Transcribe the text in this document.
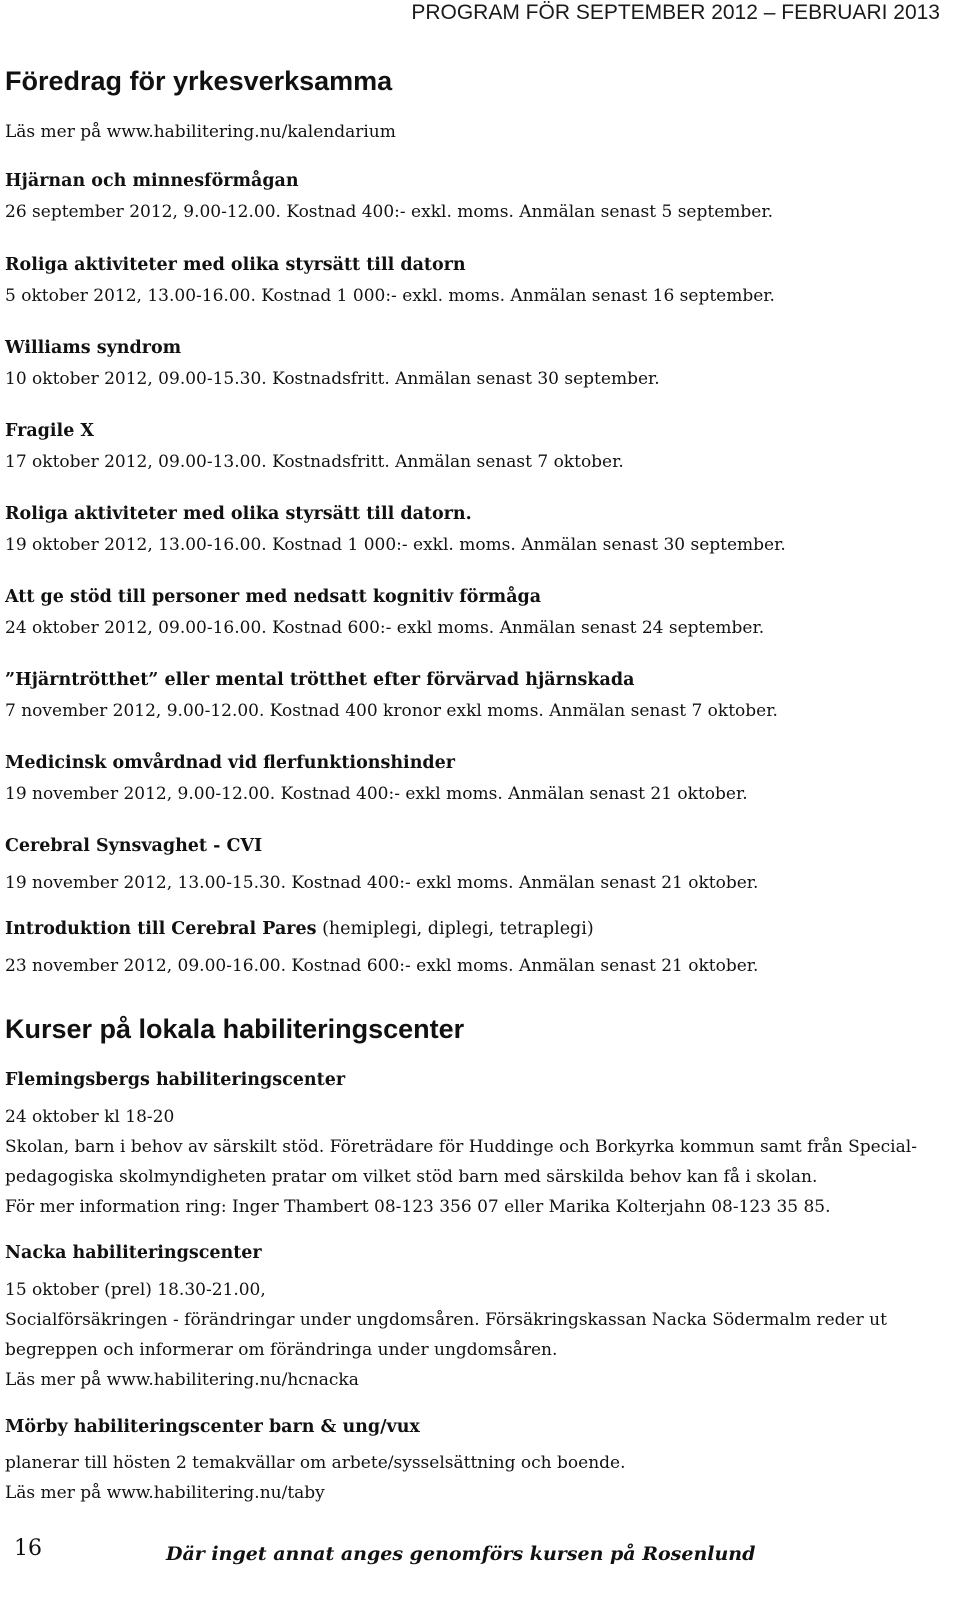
PROGRAM FÖR SEPTEMBER 2012 – FEBRUARI 2013
Föredrag för yrkesverksamma
Läs mer på www.habilitering.nu/kalendarium
Hjärnan och minnesförmågan
26 september 2012, 9.00-12.00. Kostnad 400:- exkl. moms. Anmälan senast 5 september.
Roliga aktiviteter med olika styrsätt till datorn
5 oktober 2012, 13.00-16.00. Kostnad 1 000:- exkl. moms. Anmälan senast 16 september.
Williams syndrom
10 oktober 2012, 09.00-15.30. Kostnadsfritt. Anmälan senast 30 september.
Fragile X
17 oktober 2012, 09.00-13.00. Kostnadsfritt. Anmälan senast 7 oktober.
Roliga aktiviteter med olika styrsätt till datorn.
19 oktober 2012, 13.00-16.00. Kostnad 1 000:- exkl. moms. Anmälan senast 30 september.
Att ge stöd till personer med nedsatt kognitiv förmåga
24 oktober 2012, 09.00-16.00. Kostnad 600:- exkl moms. Anmälan senast 24 september.
”Hjärntrötthet” eller mental trötthet efter förvärvad hjärnskada
7 november 2012, 9.00-12.00. Kostnad 400 kronor exkl moms. Anmälan senast 7 oktober.
Medicinsk omvårdnad vid flerfunktionshinder
19 november 2012, 9.00-12.00. Kostnad 400:- exkl moms. Anmälan senast 21 oktober.
Cerebral Synsvaghet - CVI
19 november 2012, 13.00-15.30. Kostnad 400:- exkl moms. Anmälan senast 21 oktober.
Introduktion till Cerebral Pares (hemiplegi, diplegi, tetraplegi)
23 november 2012, 09.00-16.00. Kostnad 600:- exkl moms. Anmälan senast 21 oktober.
Kurser på lokala habiliteringscenter
Flemingsbergs habiliteringscenter
24 oktober kl 18-20
Skolan, barn i behov av särskilt stöd. Företrädare för Huddinge och Borkyrka kommun samt från Special-
pedagogiska skolmyndigheten pratar om vilket stöd barn med särskilda behov kan få i skolan.
För mer information ring: Inger Thambert 08-123 356 07 eller Marika Kolterjahn 08-123 35 85.
Nacka habiliteringscenter
15 oktober (prel) 18.30-21.00,
Socialförsäkringen - förändringar under ungdomsåren. Försäkringskassan Nacka Södermalm reder ut
begreppen och informerar om förändringa under ungdomsåren.
Läs mer på www.habilitering.nu/hcnacka
Mörby habiliteringscenter barn & ung/vux
planerar till hösten 2 temakvällar om arbete/sysselsättning och boende.
Läs mer på www.habilitering.nu/taby
16	Där inget annat anges genomförs kursen på Rosenlund
